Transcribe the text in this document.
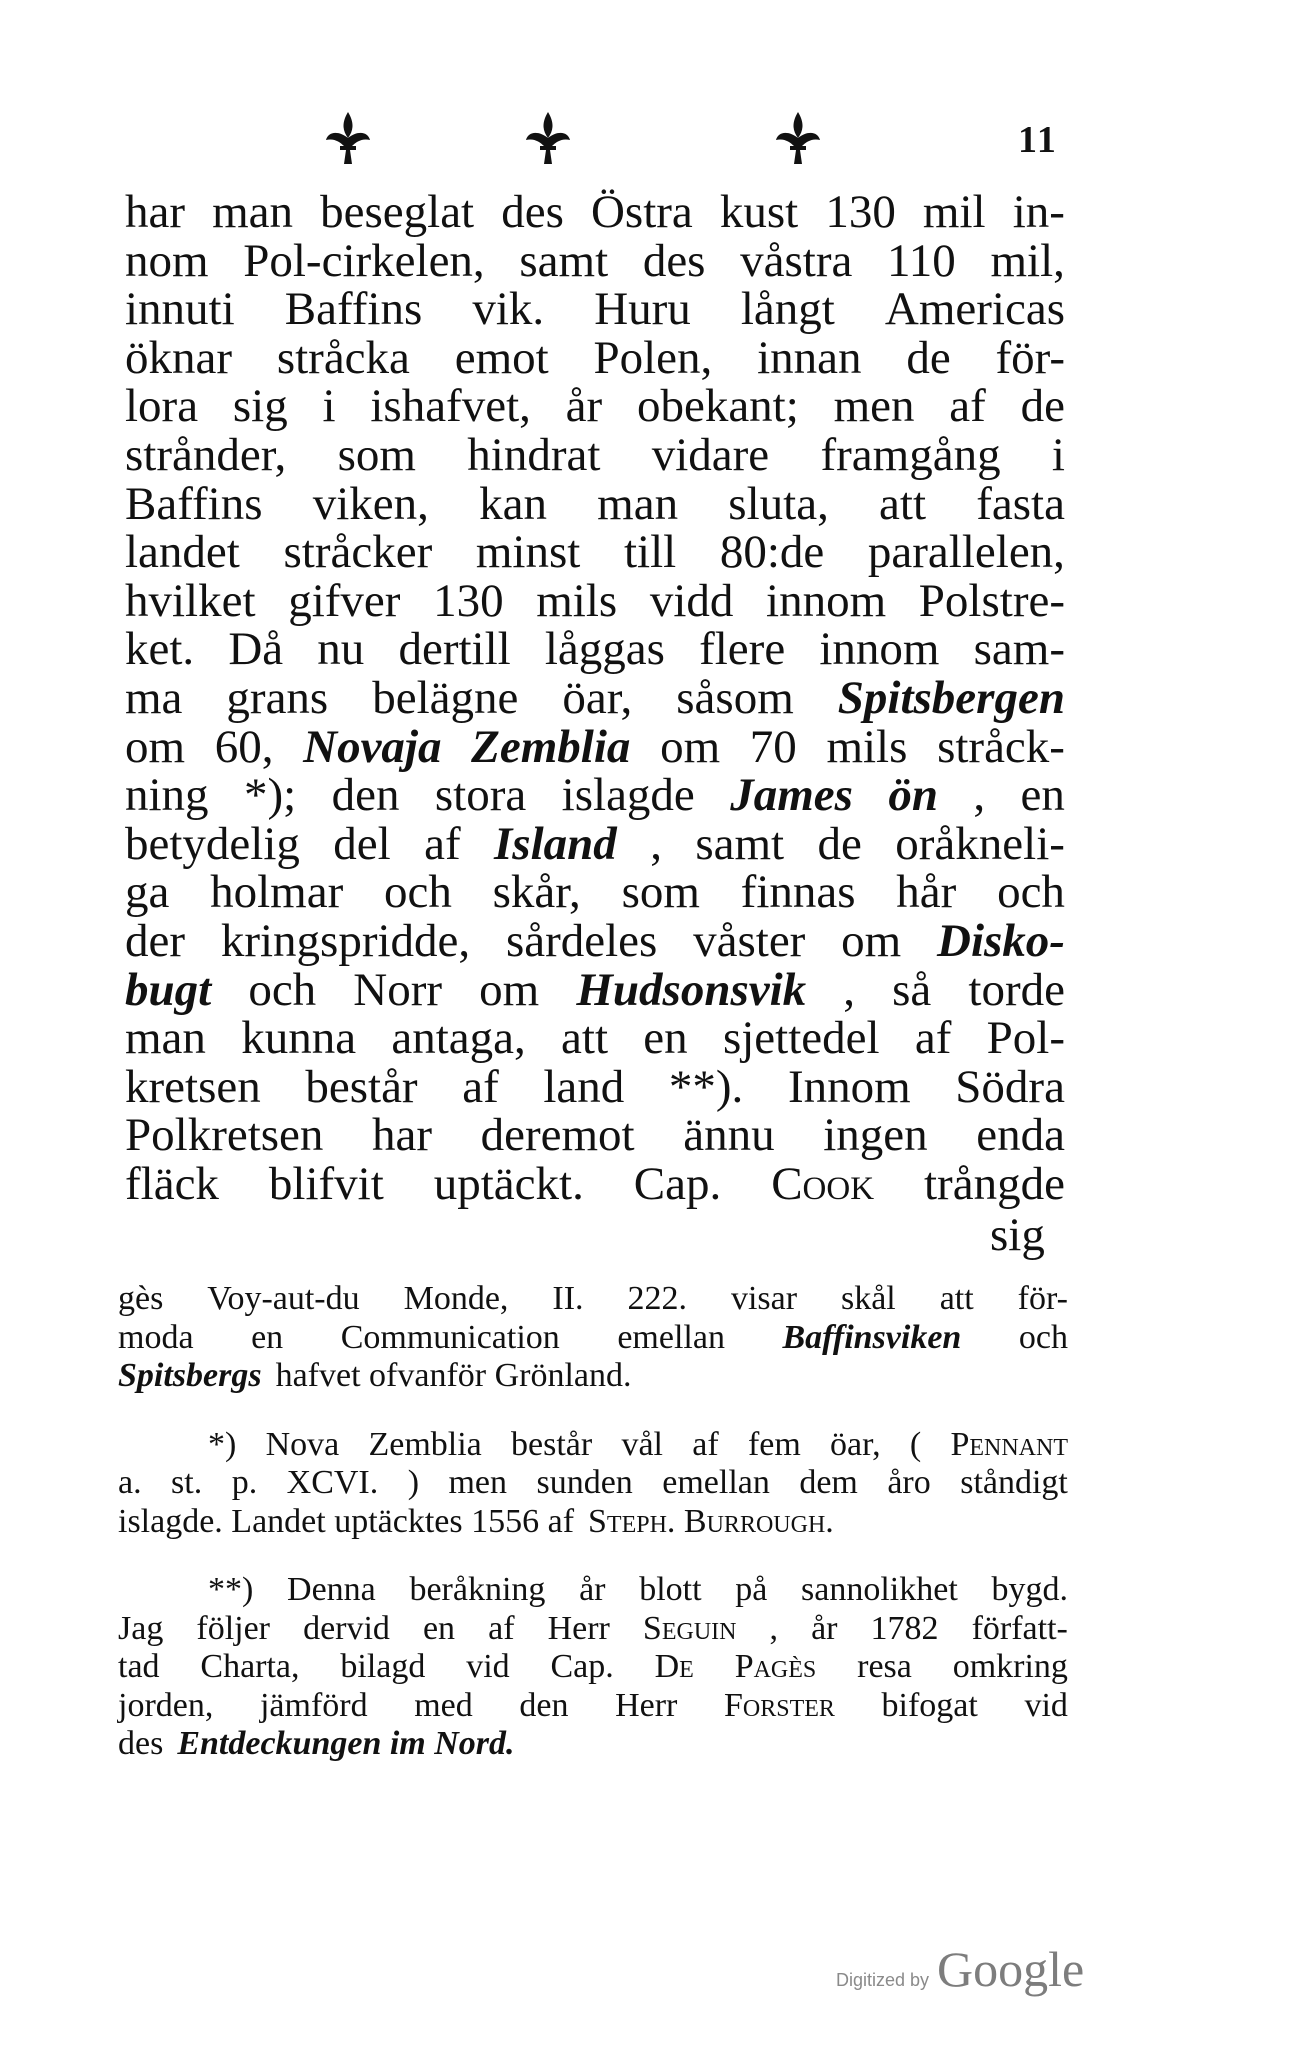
11
har man beseglat des Östra kust 130 mil in-
nom Pol-cirkelen, samt des våstra 110 mil,
innuti Baffins vik. Huru långt Americas
öknar stråcka emot Polen, innan de för-
lora sig i ishafvet, år obekant; men af de
strånder, som hindrat vidare framgång i
Baffins viken, kan man sluta, att fasta
landet stråcker minst till 80:de parallelen,
hvilket gifver 130 mils vidd innom Polstre-
ket. Då nu dertill låggas flere innom sam-
ma grans belägne öar, såsom Spitsbergen
om 60, Novaja Zemblia om 70 mils stråck-
ning *); den stora islagde James ön , en
betydelig del af Island , samt de oråkneli-
ga holmar och skår, som finnas hår och
der kringspridde, sårdeles våster om Disko-
bugt och Norr om Hudsonsvik , så torde
man kunna antaga, att en sjettedel af Pol-
kretsen består af land **). Innom Södra
Polkretsen har deremot ännu ingen enda
fläck blifvit uptäckt. Cap. Cook trångde
sig
gès Voy-aut-du Monde, II. 222. visar skål att för-
moda en Communication emellan Baffinsviken och
Spitsbergs hafvet ofvanför Grönland.
*) Nova Zemblia består vål af fem öar, ( Pennant
a. st. p. XCVI. ) men sunden emellan dem åro ståndigt
islagde. Landet uptäcktes 1556 af Steph. Burrough.
**) Denna beråkning år blott på sannolikhet bygd.
Jag följer dervid en af Herr Seguin , år 1782 författ-
tad Charta, bilagd vid Cap. De Pagès resa omkring
jorden, jämförd med den Herr Forster bifogat vid
des Entdeckungen im Nord.
Digitized by Google
